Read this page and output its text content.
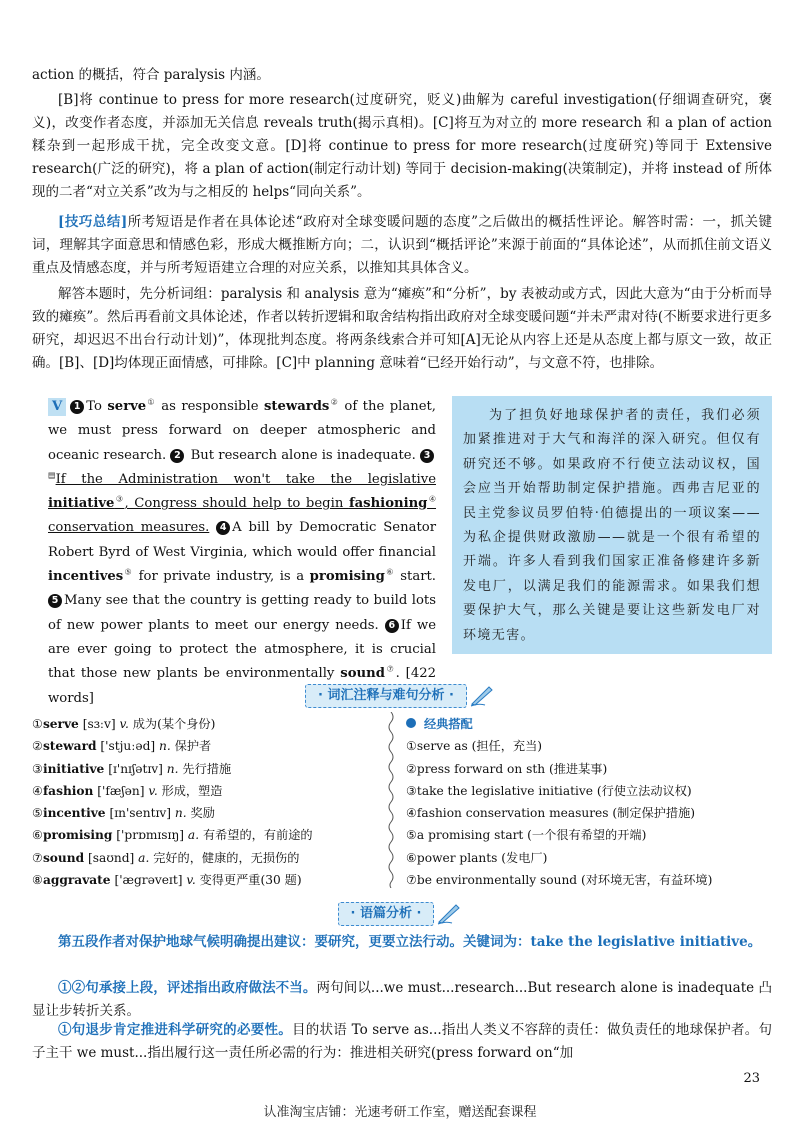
action 的概括，符合 paralysis 内涵。
[B]将 continue to press for more research(过度研究，贬义)曲解为 careful investigation(仔细调查研究，褒义)，改变作者态度，并添加无关信息 reveals truth(揭示真相)。[C]将互为对立的 more research 和 a plan of action 糅杂到一起形成干扰，完全改变文意。[D]将 continue to press for more research(过度研究)等同于 Extensive research(广泛的研究)，将 a plan of action(制定行动计划) 等同于 decision-making(决策制定)，并将 instead of 所体现的二者“对立关系”改为与之相反的 helps“同向关系”。
[技巧总结]所考短语是作者在具体论述“政府对全球变暖问题的态度”之后做出的概括性评论。解答时需：一，抓关键词，理解其字面意思和情感色彩，形成大概推断方向；二，认识到“概括评论”来源于前面的“具体论述”，从而抓住前文语义重点及情感态度，并与所考短语建立合理的对应关系，以推知其具体含义。
解答本题时，先分析词组：paralysis 和 analysis 意为“瘫痪”和“分析”，by 表被动或方式，因此大意为“由于分析而导致的瘫痪”。然后再看前文具体论述，作者以转折逻辑和取舍结构指出政府对全球变暖问题“并未严肃对待(不断要求进行更多研究，却迟迟不出台行动计划)”，体现批判态度。将两条线索合并可知[A]无论从内容上还是从态度上都与原文一致，故正确。[B]、[D]均体现正面情感，可排除。[C]中 planning 意味着“已经开始行动”，与文意不符，也排除。
V 1 To serve① as responsible stewards② of the planet, we must press forward on deeper atmospheric and oceanic research. 2 But research alone is inadequate. 3▤If the Administration won't take the legislative initiative③, Congress should help to begin fashioning④ conservation measures. 4 A bill by Democratic Senator Robert Byrd of West Virginia, which would offer financial incentives⑤ for private industry, is a promising⑥ start. 5 Many see that the country is getting ready to build lots of new power plants to meet our energy needs. 6 If we are ever going to protect the atmosphere, it is crucial that those new plants be environmentally sound⑦. [422 words]
为了担负好地球保护者的责任，我们必须加紧推进对于大气和海洋的深入研究。但仅有研究还不够。如果政府不行使立法动议权，国会应当开始帮助制定保护措施。西弗吉尼亚的民主党参议员罗伯特·伯德提出的一项议案——为私企提供财政激励——就是一个很有希望的开端。许多人看到我们国家正准备修建许多新发电厂，以满足我们的能源需求。如果我们想要保护大气，那么关键是要让这些新发电厂对环境无害。
· 词汇注释与难句分析 ·
①serve [sɜːv] v. 成为(某个身份)
②steward ['stjuːəd] n. 保护者
③initiative [ɪ'nɪʃətɪv] n. 先行措施
④fashion ['fæʃən] v. 形成，塑造
⑤incentive [ɪn'sentɪv] n. 奖励
⑥promising ['prɒmɪsɪŋ] a. 有希望的，有前途的
⑦sound [saʊnd] a. 完好的，健康的，无损伤的
⑧aggravate ['ægrəveɪt] v. 变得更严重(30 题)
经典搭配
①serve as (担任，充当)
②press forward on sth (推进某事)
③take the legislative initiative (行使立法动议权)
④fashion conservation measures (制定保护措施)
⑤a promising start (一个很有希望的开端)
⑥power plants (发电厂)
⑦be environmentally sound (对环境无害，有益环境)
· 语篇分析 ·
第五段作者对保护地球气候明确提出建议：要研究，更要立法行动。关键词为：take the legislative initiative。
①②句承接上段，评述指出政府做法不当。两句间以...we must...research...But research alone is inadequate 凸显让步转折关系。
①句退步肯定推进科学研究的必要性。目的状语 To serve as...指出人类义不容辞的责任：做负责任的地球保护者。句子主干 we must...指出履行这一责任所必需的行为：推进相关研究(press forward on“加
23
认准淘宝店铺：光速考研工作室，赠送配套课程
